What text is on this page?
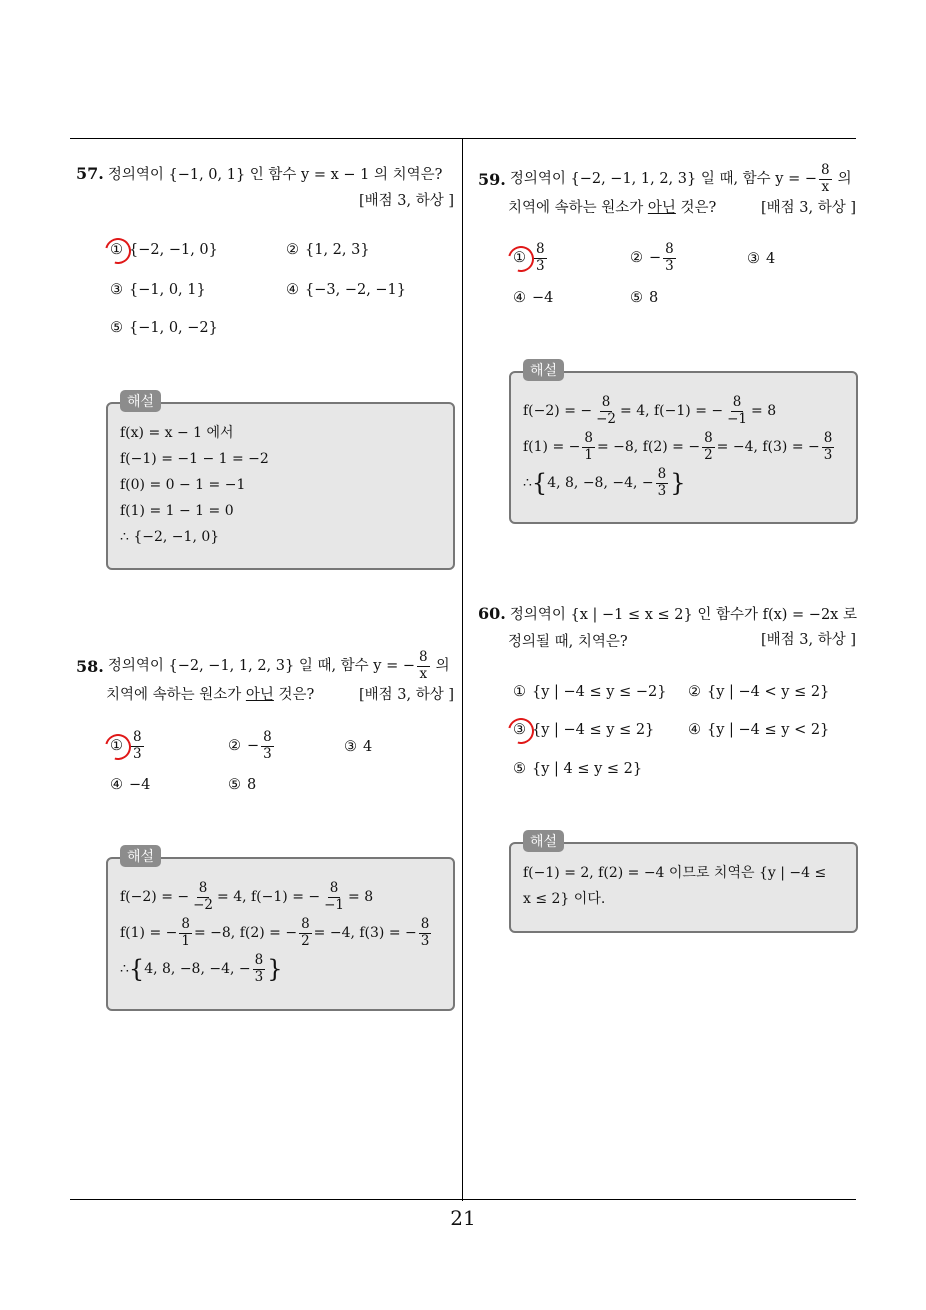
57. 정의역이 {−1, 0, 1} 인 함수 y = x − 1 의 치역은?
[배점 3, 하상 ]
① {−2, −1, 0}	② {1, 2, 3}
③ {−1, 0, 1}	④ {−3, −2, −1}
⑤ {−1, 0, −2}
해설
f(x) = x − 1 에서
f(−1) = −1 − 1 = −2
f(0) = 0 − 1 = −1
f(1) = 1 − 1 = 0
∴ {−2, −1, 0}
58. 정의역이 {−2, −1, 1, 2, 3} 일 때, 함수 y = − $\frac{8}{x}$ 의
치역에 속하는 원소가 아닌 것은?	[배점 3, 하상 ]
① $\frac{8}{3}$	② − $\frac{8}{3}$	③ 4
④ −4	⑤ 8
해설
f(−2) = − $\frac{8}{-2} = 4$, f(−1) = − $\frac{8}{-1} = 8$
f(1) = − $\frac{8}{1} = -8$, f(2) = − $\frac{8}{2} = -4$, f(3) = − $\frac{8}{3}$
∴ { 4, 8, −8, −4, − $\frac{8}{3}$ }
59. 정의역이 {−2, −1, 1, 2, 3} 일 때, 함수 y = − $\frac{8}{x}$ 의
치역에 속하는 원소가 아닌 것은?	[배점 3, 하상 ]
① $\frac{8}{3}$	② − $\frac{8}{3}$	③ 4
④ −4	⑤ 8
해설
f(−2) = − $\frac{8}{-2} = 4$, f(−1) = − $\frac{8}{-1} = 8$
f(1) = − $\frac{8}{1} = -8$, f(2) = − $\frac{8}{2} = -4$, f(3) = − $\frac{8}{3}$
∴ { 4, 8, −8, −4, − $\frac{8}{3}$ }
60. 정의역이 {x | −1 ≤ x ≤ 2} 인 함수가 f(x) = −2x 로
정의될 때, 치역은?	[배점 3, 하상 ]
① {y | −4 ≤ y ≤ −2} ② {y | −4 < y ≤ 2}
③ {y | −4 ≤ y ≤ 2} ④ {y | −4 ≤ y < 2}
⑤ {y | 4 ≤ y ≤ 2}
해설
f(−1) = 2, f(2) = −4 이므로 치역은 {y | −4 ≤
x ≤ 2} 이다.
21
